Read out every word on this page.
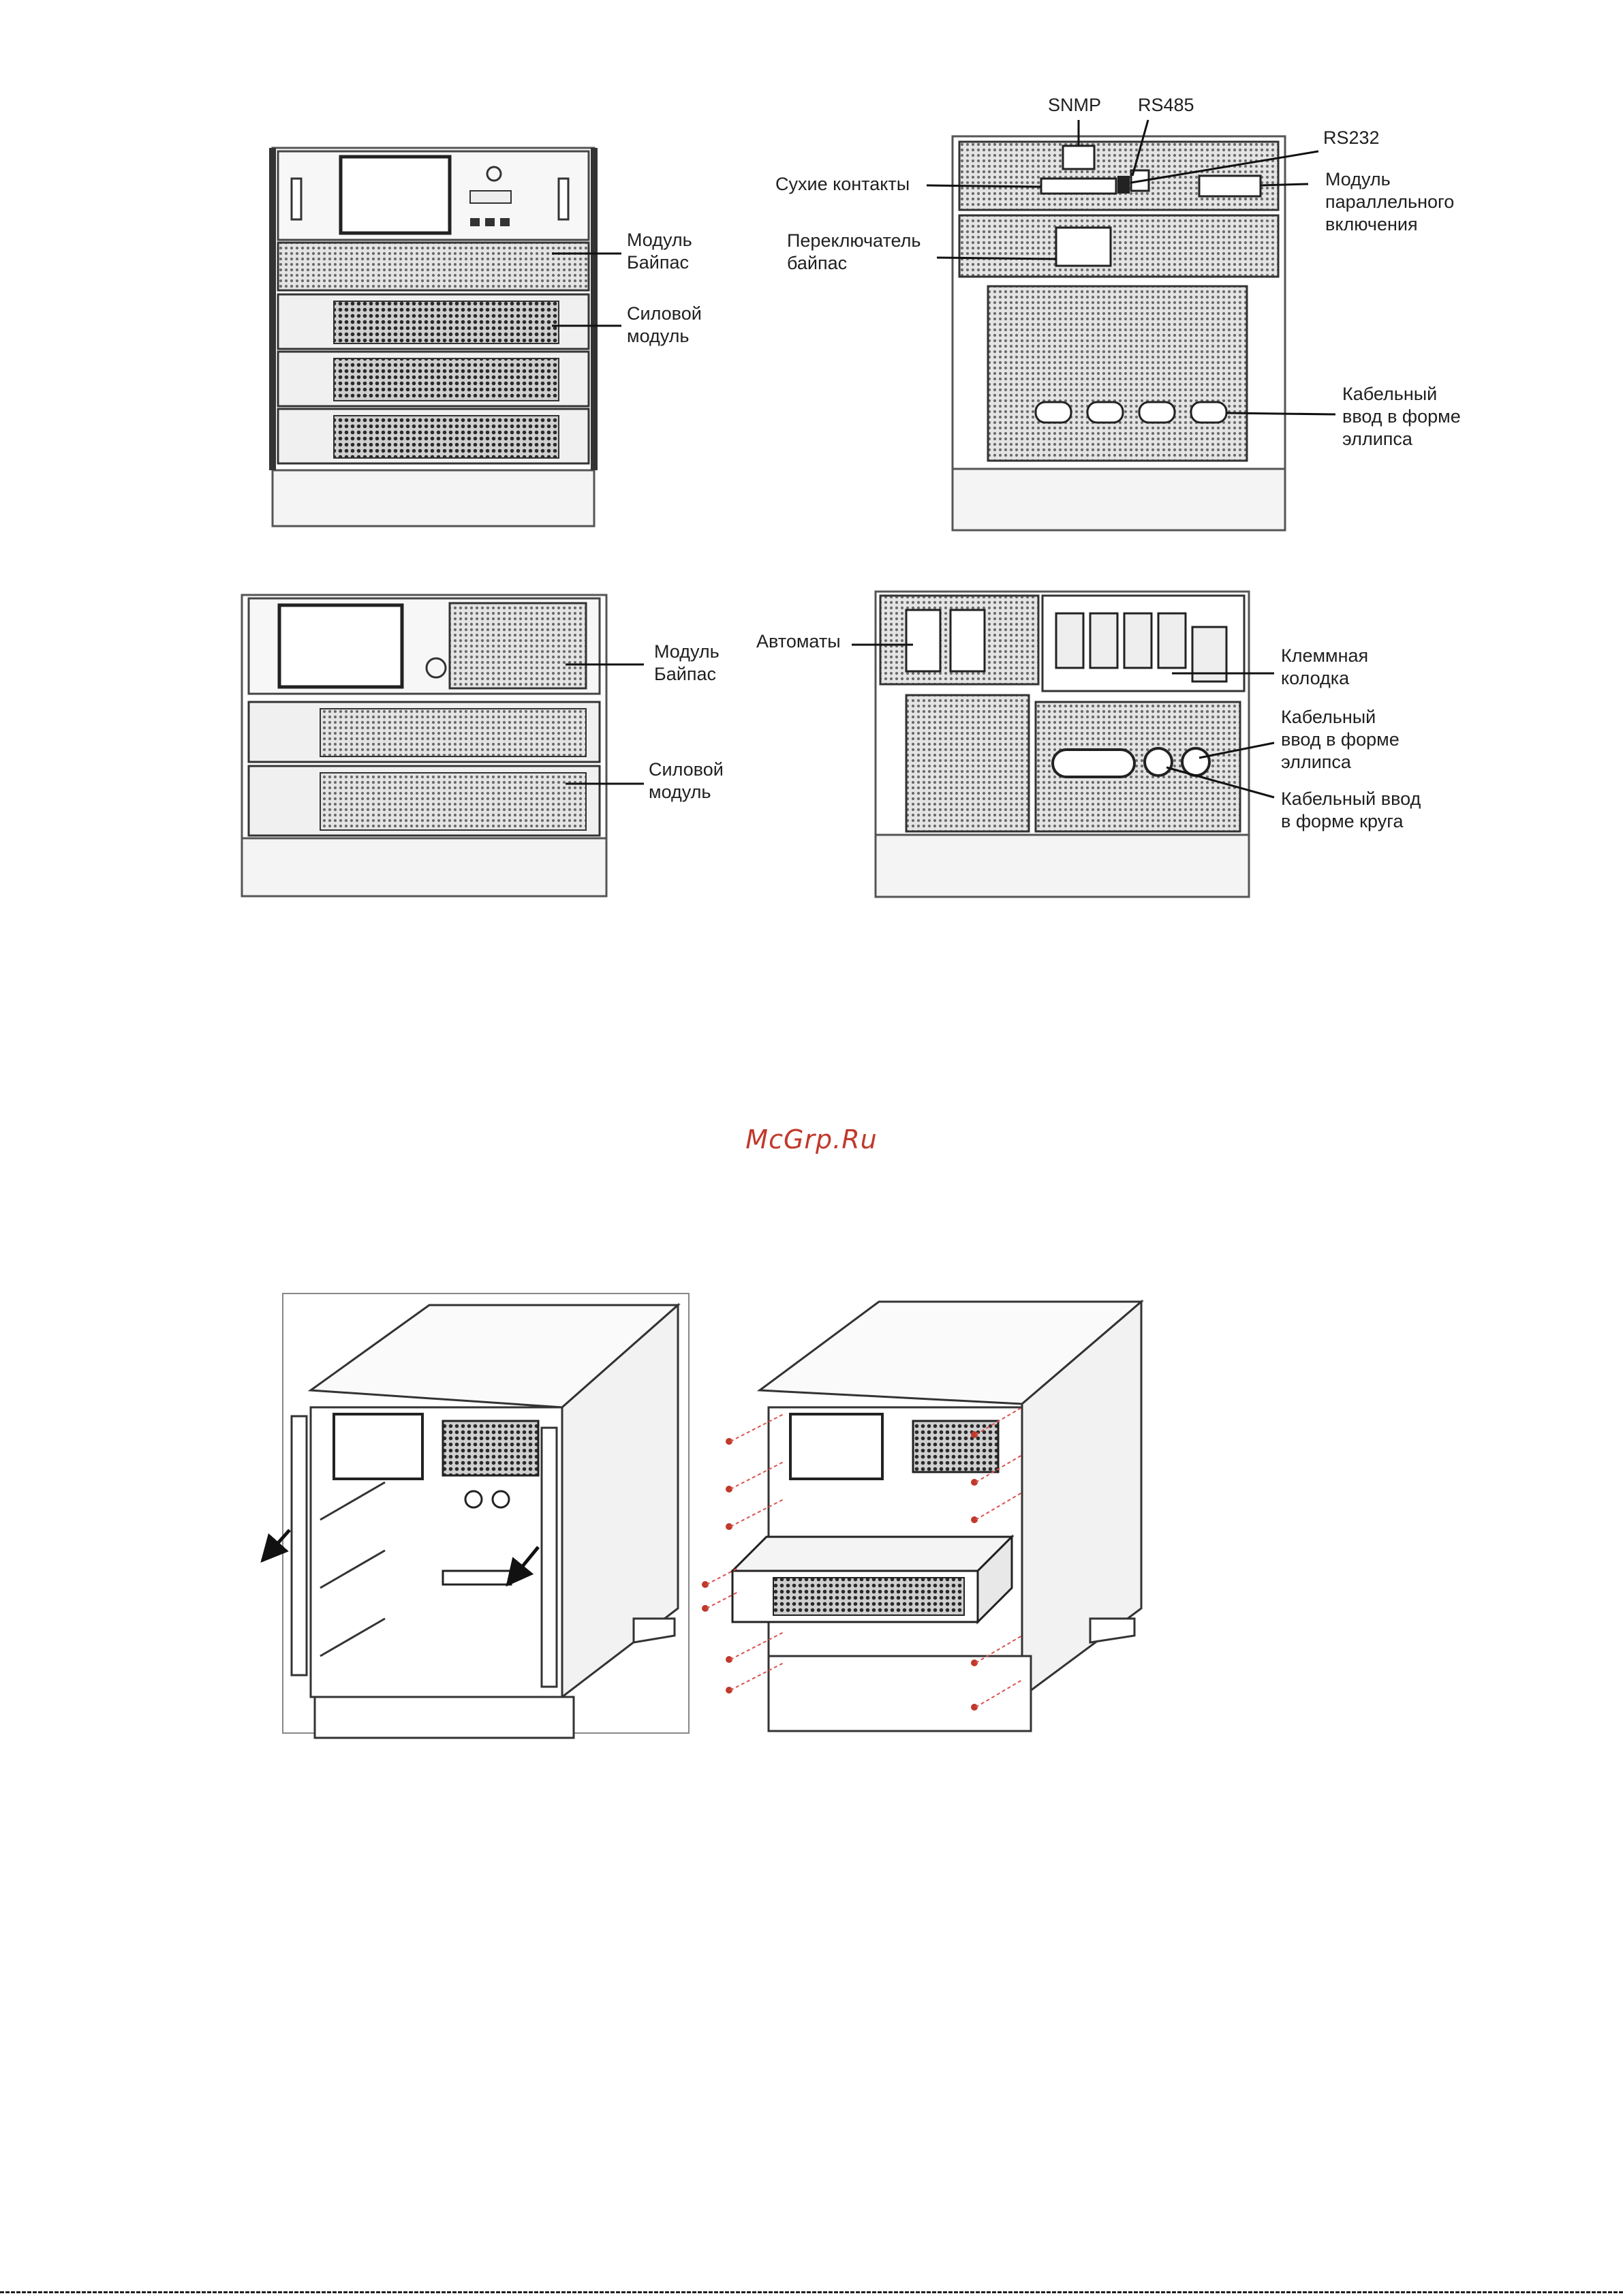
Модуль
Байпас
Силовой
модуль
SNMP RS485
RS232
Сухие контакты	Модуль
параллельного
включения
Переключатель
байпас
Кабельный
ввод в форме
эллипса
Модуль
Байпас
Силовой
модуль
Автоматы
Клеммная
колодка
Кабельный
ввод в форме
эллипса
Кабельный ввод
в форме круга
McGrp.Ru
